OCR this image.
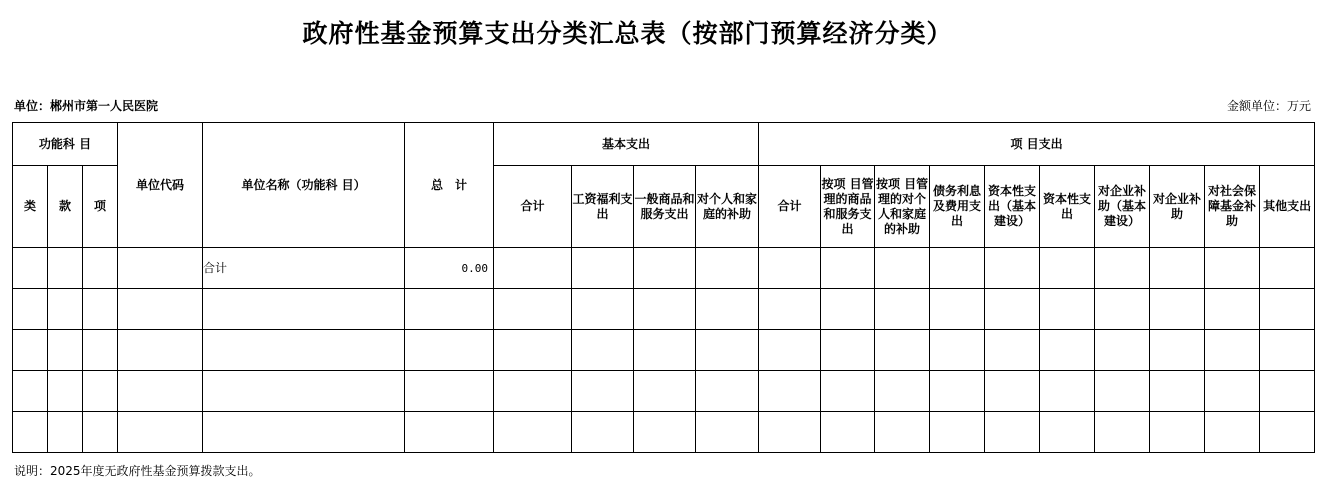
政府性基金预算支出分类汇总表（按部门预算经济分类）
单位：郴州市第一人民医院	金额单位：万元
功能科 目			单位代码	单位名称（功能科 目）	总　计	基本支出				项 目支出									
类	款	项				合计	工资福利支出	一般商品和服务支出	对个人和家庭的补助	合计	按项 目管理的商品和服务支出	按项 目管理的对个人和家庭的补助	债务利息及费用支出	资本性支出（基本建设）	资本性支出	对企业补助（基本建设）	对企业补助	对社会保障基金补助	其他支出
				合计	0.00														

说明：2025年度无政府性基金预算拨款支出。
